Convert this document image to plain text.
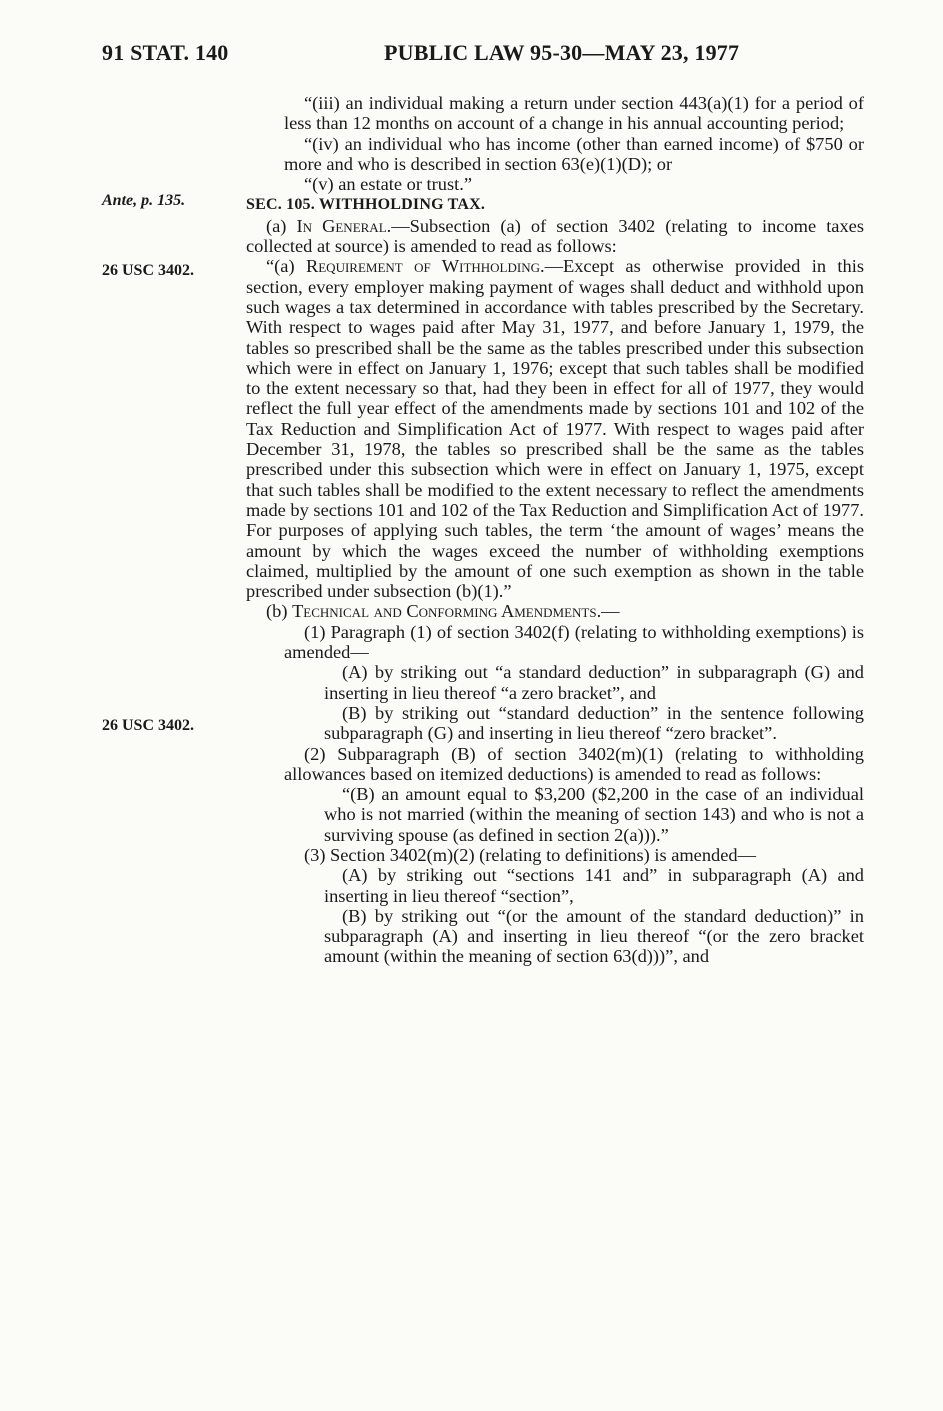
91 STAT. 140	PUBLIC LAW 95-30—MAY 23, 1977
Ante, p. 135.
26 USC 3402.
26 USC 3402.

“(iii) an individual making a return under section 443(a)(1) for a period of less than 12 months on account of a change in his annual accounting period;

“(iv) an individual who has income (other than earned income) of $750 or more and who is described in section 63(e)(1)(D); or

“(v) an estate or trust.”

SEC. 105. WITHHOLDING TAX.

(a) In General.—Subsection (a) of section 3402 (relating to income taxes collected at source) is amended to read as follows:

“(a) Requirement of Withholding.—Except as otherwise provided in this section, every employer making payment of wages shall deduct and withhold upon such wages a tax determined in accordance with tables prescribed by the Secretary. With respect to wages paid after May 31, 1977, and before January 1, 1979, the tables so prescribed shall be the same as the tables prescribed under this subsection which were in effect on January 1, 1976; except that such tables shall be modified to the extent necessary so that, had they been in effect for all of 1977, they would reflect the full year effect of the amendments made by sections 101 and 102 of the Tax Reduction and Simplification Act of 1977. With respect to wages paid after December 31, 1978, the tables so prescribed shall be the same as the tables prescribed under this subsection which were in effect on January 1, 1975, except that such tables shall be modified to the extent necessary to reflect the amendments made by sections 101 and 102 of the Tax Reduction and Simplification Act of 1977. For purposes of applying such tables, the term ‘the amount of wages’ means the amount by which the wages exceed the number of withholding exemptions claimed, multiplied by the amount of one such exemption as shown in the table prescribed under subsection (b)(1).”

(b) Technical and Conforming Amendments.—

(1) Paragraph (1) of section 3402(f) (relating to withholding exemptions) is amended—

(A) by striking out “a standard deduction” in subparagraph (G) and inserting in lieu thereof “a zero bracket”, and

(B) by striking out “standard deduction” in the sentence following subparagraph (G) and inserting in lieu thereof “zero bracket”.

(2) Subparagraph (B) of section 3402(m)(1) (relating to withholding allowances based on itemized deductions) is amended to read as follows:

“(B) an amount equal to $3,200 ($2,200 in the case of an individual who is not married (within the meaning of section 143) and who is not a surviving spouse (as defined in section 2(a))).”

(3) Section 3402(m)(2) (relating to definitions) is amended—

(A) by striking out “sections 141 and” in subparagraph (A) and inserting in lieu thereof “section”,

(B) by striking out “(or the amount of the standard deduction)” in subparagraph (A) and inserting in lieu thereof “(or the zero bracket amount (within the meaning of section 63(d)))”, and
